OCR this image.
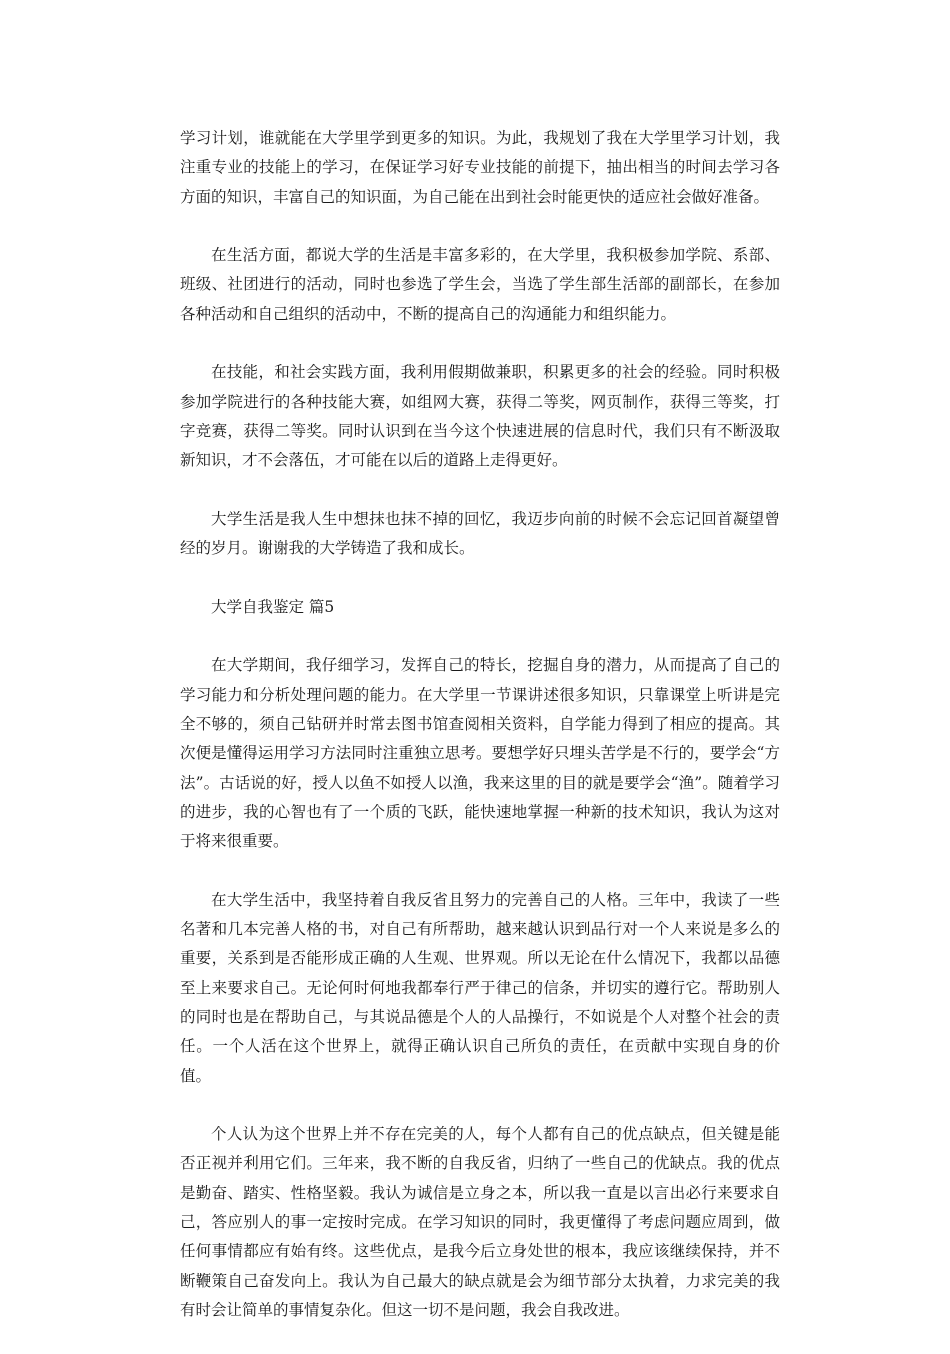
学习计划，谁就能在大学里学到更多的知识。为此，我规划了我在大学里学习计划，我注重专业的技能上的学习，在保证学习好专业技能的前提下，抽出相当的时间去学习各方面的知识，丰富自己的知识面，为自己能在出到社会时能更快的适应社会做好准备。

在生活方面，都说大学的生活是丰富多彩的，在大学里，我积极参加学院、系部、班级、社团进行的活动，同时也参选了学生会，当选了学生部生活部的副部长，在参加各种活动和自己组织的活动中，不断的提高自己的沟通能力和组织能力。

在技能，和社会实践方面，我利用假期做兼职，积累更多的社会的经验。同时积极参加学院进行的各种技能大赛，如组网大赛，获得二等奖，网页制作，获得三等奖，打字竞赛，获得二等奖。同时认识到在当今这个快速进展的信息时代，我们只有不断汲取新知识，才不会落伍，才可能在以后的道路上走得更好。

大学生活是我人生中想抹也抹不掉的回忆，我迈步向前的时候不会忘记回首凝望曾经的岁月。谢谢我的大学铸造了我和成长。

大学自我鉴定 篇5

在大学期间，我仔细学习，发挥自己的特长，挖掘自身的潜力，从而提高了自己的学习能力和分析处理问题的能力。在大学里一节课讲述很多知识，只靠课堂上听讲是完全不够的，须自己钻研并时常去图书馆查阅相关资料，自学能力得到了相应的提高。其次便是懂得运用学习方法同时注重独立思考。要想学好只埋头苦学是不行的，要学会“方法”。古话说的好，授人以鱼不如授人以渔，我来这里的目的就是要学会“渔”。随着学习的进步，我的心智也有了一个质的飞跃，能快速地掌握一种新的技术知识，我认为这对于将来很重要。

在大学生活中，我坚持着自我反省且努力的完善自己的人格。三年中，我读了一些名著和几本完善人格的书，对自己有所帮助，越来越认识到品行对一个人来说是多么的重要，关系到是否能形成正确的人生观、世界观。所以无论在什么情况下，我都以品德至上来要求自己。无论何时何地我都奉行严于律己的信条，并切实的遵行它。帮助别人的同时也是在帮助自己，与其说品德是个人的人品操行，不如说是个人对整个社会的责任。一个人活在这个世界上，就得正确认识自己所负的责任，在贡献中实现自身的价值。

个人认为这个世界上并不存在完美的人，每个人都有自己的优点缺点，但关键是能否正视并利用它们。三年来，我不断的自我反省，归纳了一些自己的优缺点。我的优点是勤奋、踏实、性格坚毅。我认为诚信是立身之本，所以我一直是以言出必行来要求自己，答应别人的事一定按时完成。在学习知识的同时，我更懂得了考虑问题应周到，做任何事情都应有始有终。这些优点，是我今后立身处世的根本，我应该继续保持，并不断鞭策自己奋发向上。我认为自己最大的缺点就是会为细节部分太执着，力求完美的我有时会让简单的事情复杂化。但这一切不是问题，我会自我改进。
